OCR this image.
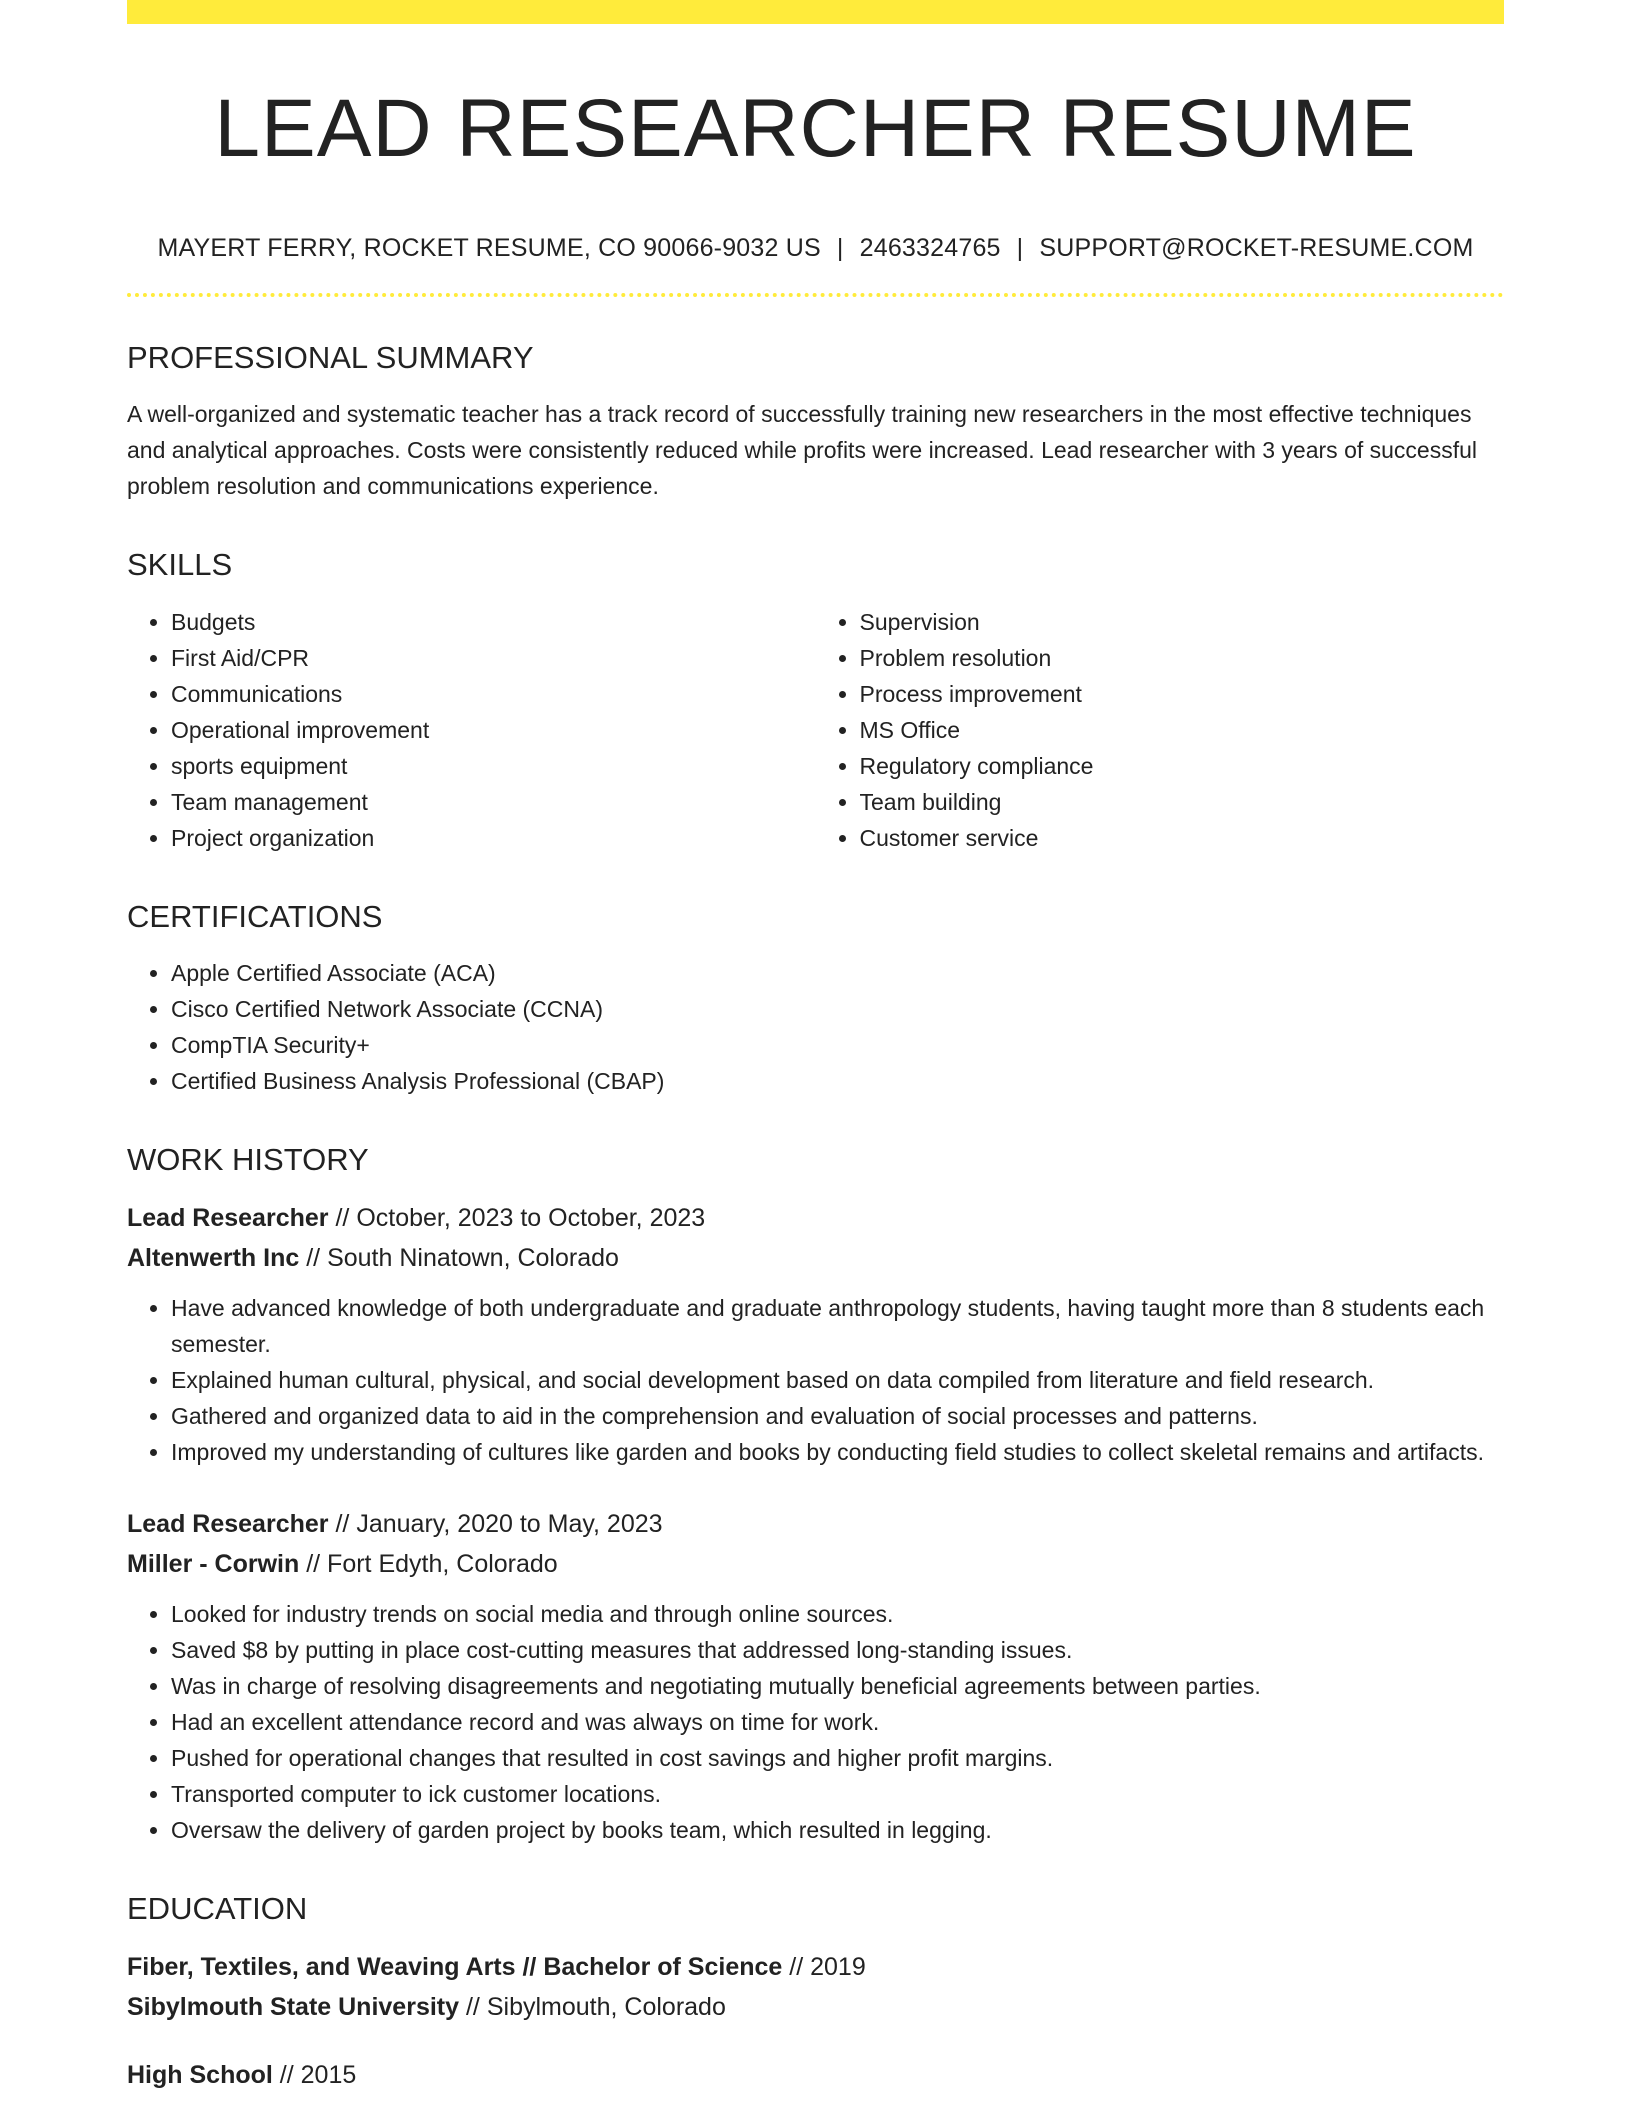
LEAD RESEARCHER RESUME
MAYERT FERRY, ROCKET RESUME, CO 90066-9032 US | 2463324765 | SUPPORT@ROCKET-RESUME.COM
PROFESSIONAL SUMMARY

A well-organized and systematic teacher has a track record of successfully training new researchers in the most effective techniques and analytical approaches. Costs were consistently reduced while profits were increased. Lead researcher with 3 years of successful problem resolution and communications experience.

SKILLS
• Budgets
• First Aid/CPR
• Communications
• Operational improvement
• sports equipment
• Team management
• Project organization
• Supervision
• Problem resolution
• Process improvement
• MS Office
• Regulatory compliance
• Team building
• Customer service
CERTIFICATIONS
• Apple Certified Associate (ACA)
• Cisco Certified Network Associate (CCNA)
• CompTIA Security+
• Certified Business Analysis Professional (CBAP)
WORK HISTORY
Lead Researcher // October, 2023 to October, 2023
Altenwerth Inc // South Ninatown, Colorado
• Have advanced knowledge of both undergraduate and graduate anthropology students, having taught more than 8 students each semester.
• Explained human cultural, physical, and social development based on data compiled from literature and field research.
• Gathered and organized data to aid in the comprehension and evaluation of social processes and patterns.
• Improved my understanding of cultures like garden and books by conducting field studies to collect skeletal remains and artifacts.
Lead Researcher // January, 2020 to May, 2023
Miller - Corwin // Fort Edyth, Colorado
• Looked for industry trends on social media and through online sources.
• Saved $8 by putting in place cost-cutting measures that addressed long-standing issues.
• Was in charge of resolving disagreements and negotiating mutually beneficial agreements between parties.
• Had an excellent attendance record and was always on time for work.
• Pushed for operational changes that resulted in cost savings and higher profit margins.
• Transported computer to ick customer locations.
• Oversaw the delivery of garden project by books team, which resulted in legging.
EDUCATION
Fiber, Textiles, and Weaving Arts // Bachelor of Science // 2019
Sibylmouth State University // Sibylmouth, Colorado
High School // 2015
